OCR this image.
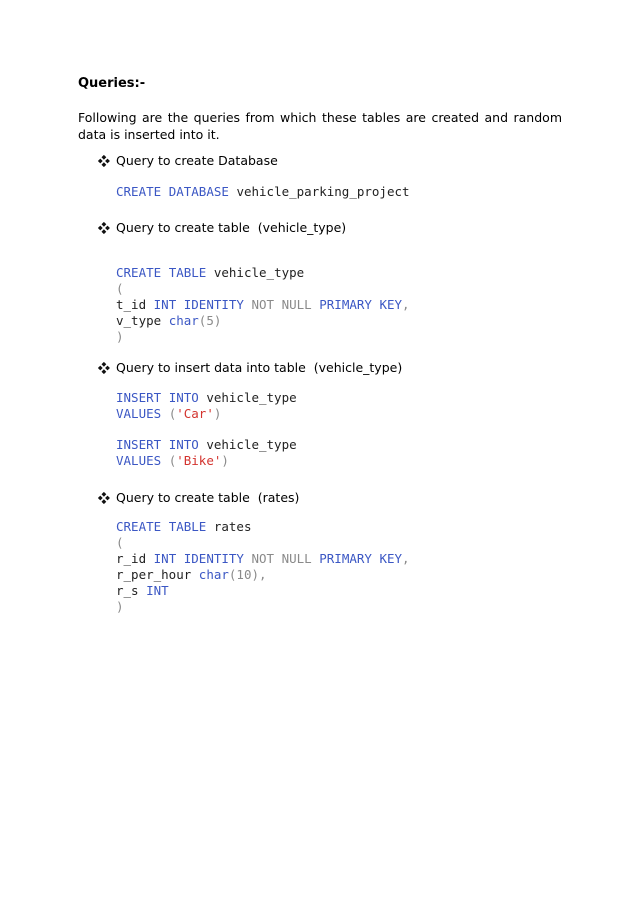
Queries:-
Following are the queries from which these tables are created and random data is inserted into it.
Query to create Database
CREATE DATABASE vehicle_parking_project
Query to create table  (vehicle_type)
CREATE TABLE vehicle_type
(
t_id INT IDENTITY NOT NULL PRIMARY KEY,
v_type char(5)
)
Query to insert data into table  (vehicle_type)
INSERT INTO vehicle_type
VALUES ('Car')
INSERT INTO vehicle_type
VALUES ('Bike')
Query to create table  (rates)
CREATE TABLE rates
(
r_id INT IDENTITY NOT NULL PRIMARY KEY,
r_per_hour char(10),
r_s INT
)
